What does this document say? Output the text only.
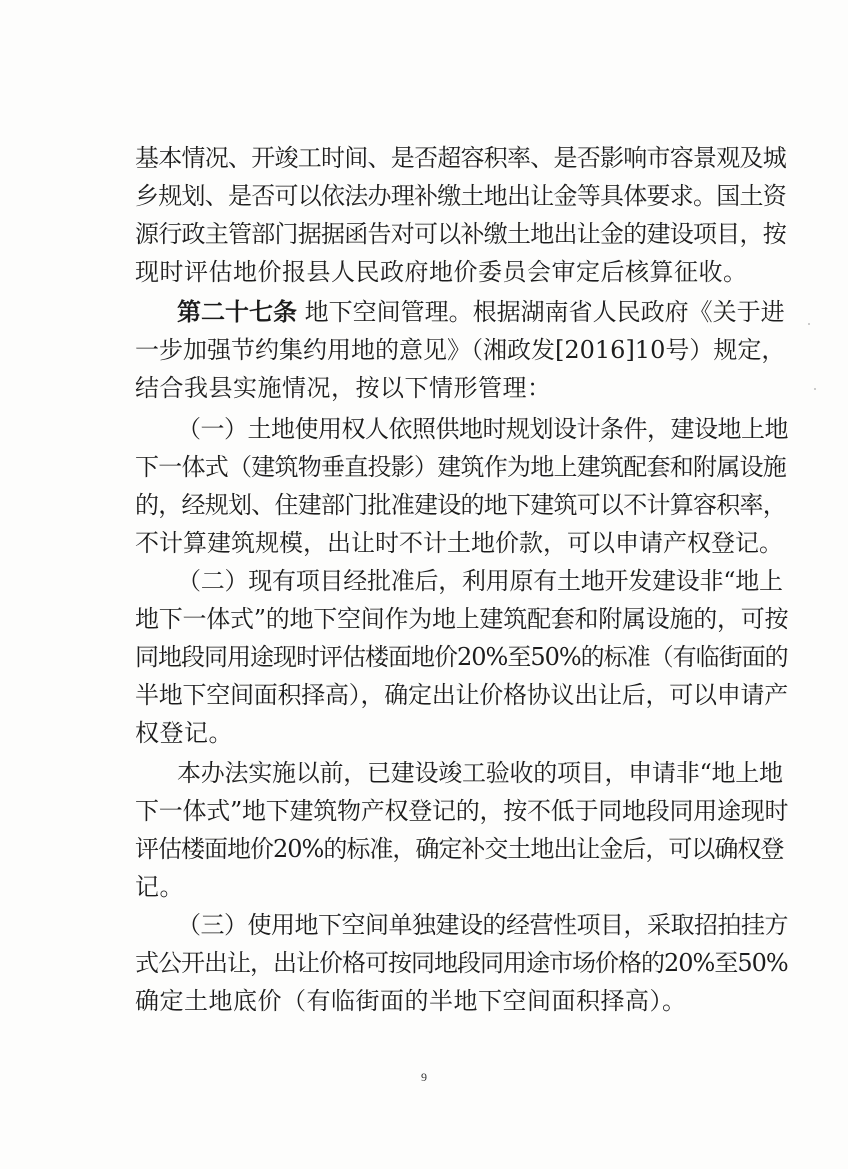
基本情况、开竣工时间、是否超容积率、是否影响市容景观及城
乡规划、是否可以依法办理补缴土地出让金等具体要求。国土资
源行政主管部门据据函告对可以补缴土地出让金的建设项目，按
现时评估地价报县人民政府地价委员会审定后核算征收。
第二十七条 地下空间管理。根据湖南省人民政府《关于进
一步加强节约集约用地的意见》（湘政发[2016]10号）规定，
结合我县实施情况，按以下情形管理：
（一）土地使用权人依照供地时规划设计条件，建设地上地
下一体式（建筑物垂直投影）建筑作为地上建筑配套和附属设施
的，经规划、住建部门批准建设的地下建筑可以不计算容积率，
不计算建筑规模，出让时不计土地价款，可以申请产权登记。
（二）现有项目经批准后，利用原有土地开发建设非“地上
地下一体式”的地下空间作为地上建筑配套和附属设施的，可按
同地段同用途现时评估楼面地价20%至50%的标准（有临街面的
半地下空间面积择高），确定出让价格协议出让后，可以申请产
权登记。
本办法实施以前，已建设竣工验收的项目，申请非“地上地
下一体式”地下建筑物产权登记的，按不低于同地段同用途现时
评估楼面地价20%的标准，确定补交土地出让金后，可以确权登
记。
（三）使用地下空间单独建设的经营性项目，采取招拍挂方
式公开出让，出让价格可按同地段同用途市场价格的20%至50%
确定土地底价（有临街面的半地下空间面积择高）。
9
